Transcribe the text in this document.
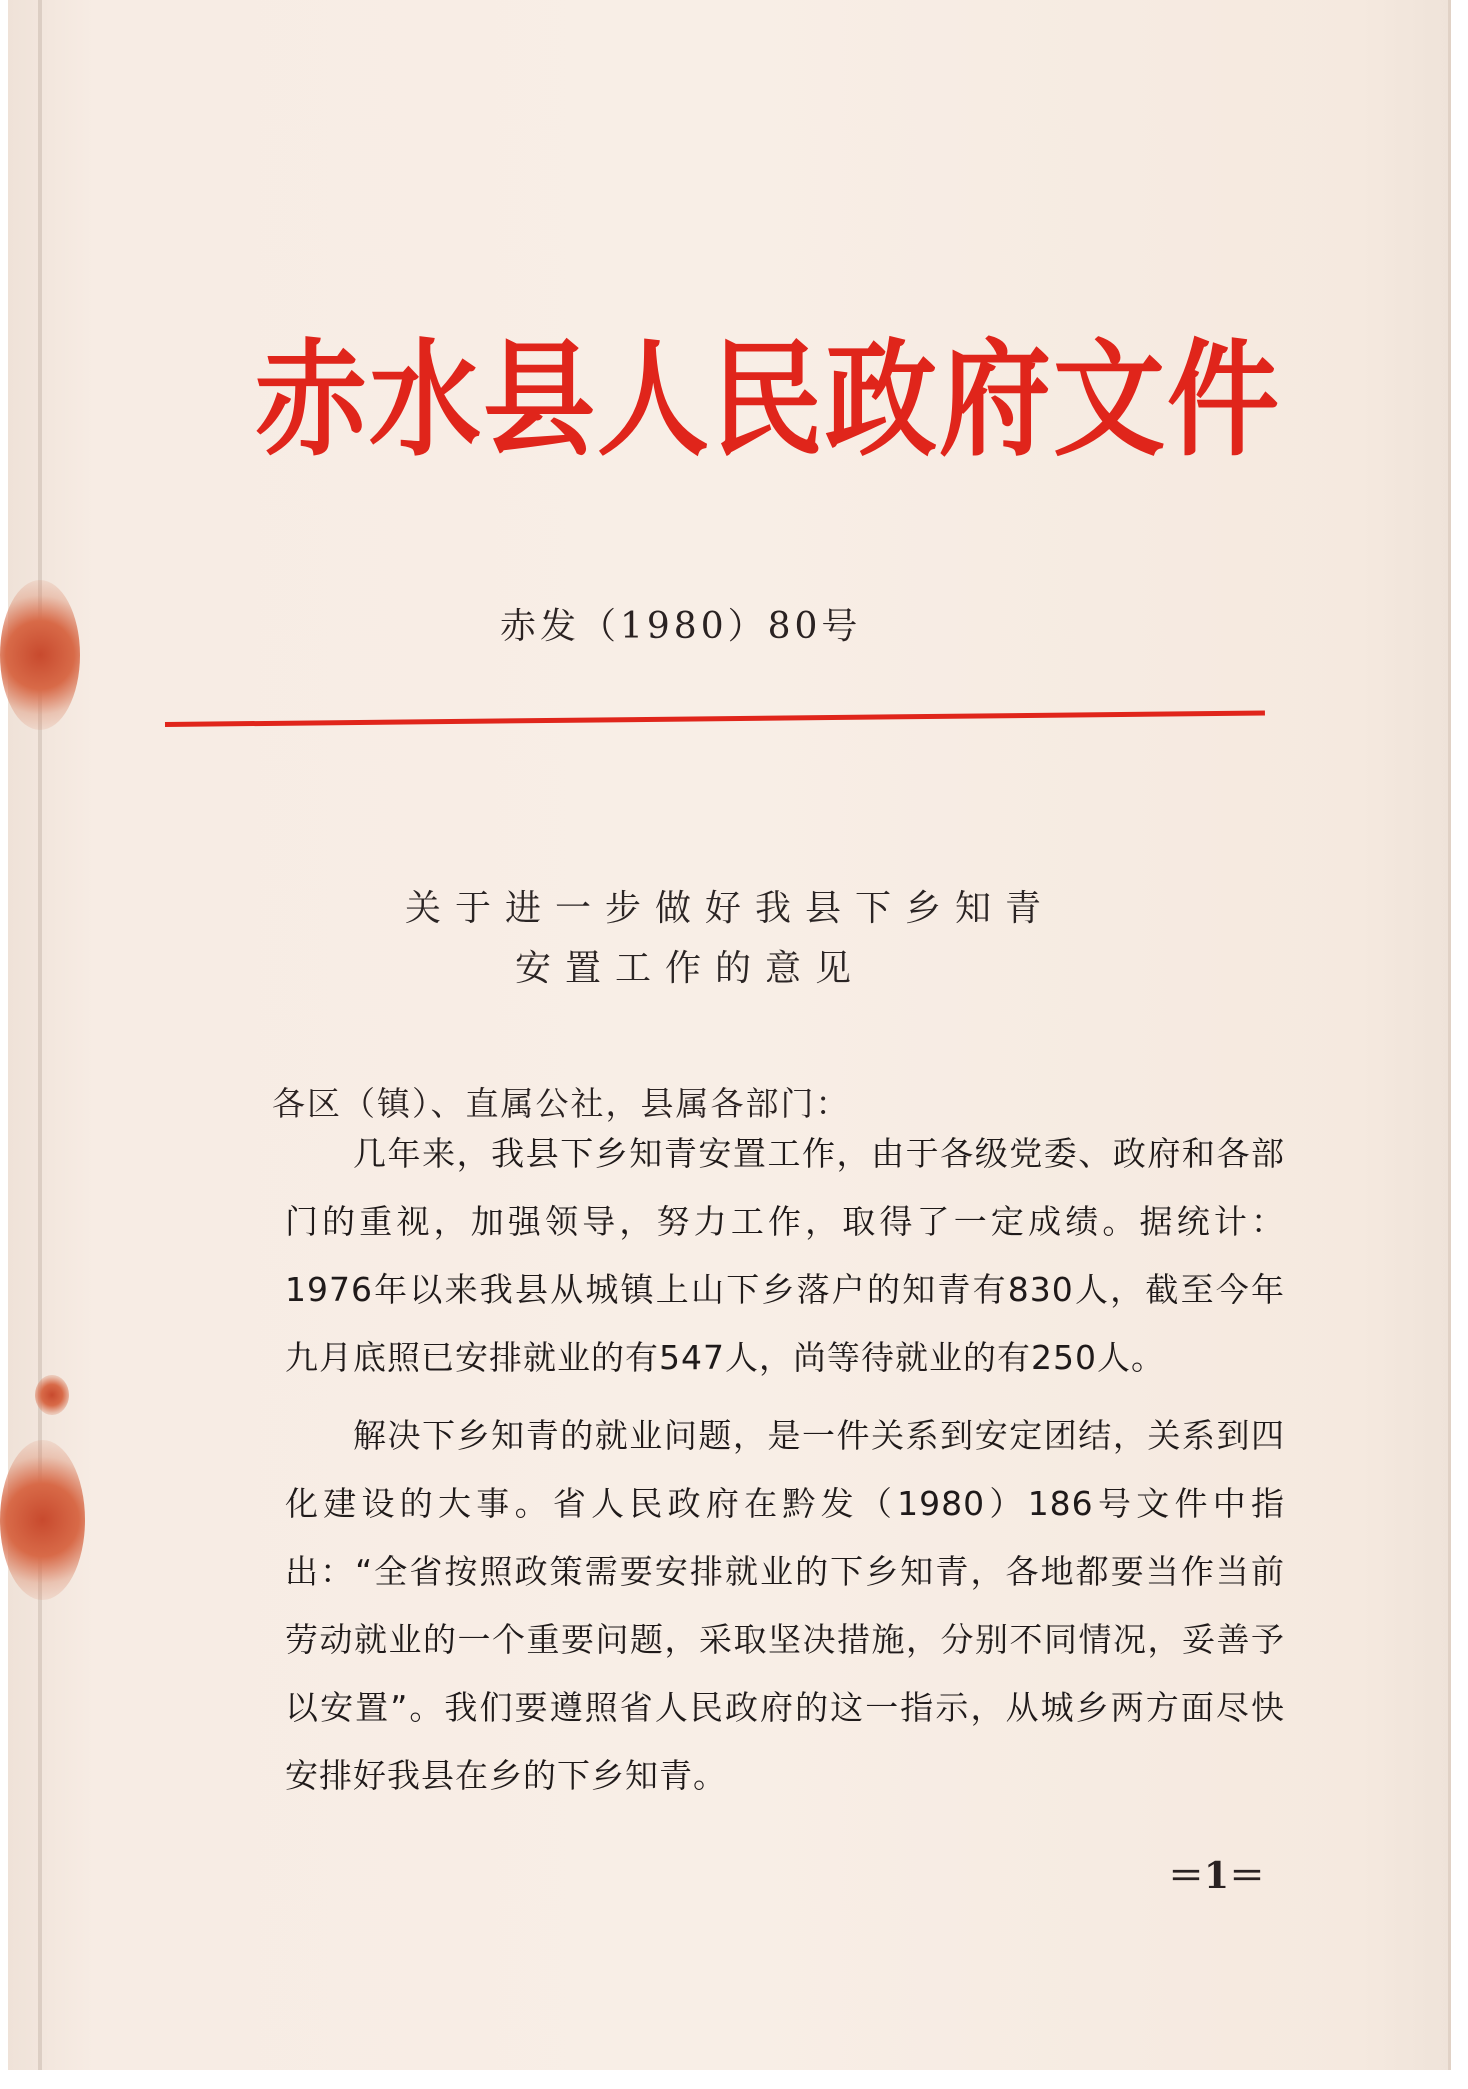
赤水县人民政府文件
赤发（1980）80号
关于进一步做好我县下乡知青
安置工作的意见
各区（镇）、直属公社，县属各部门：

几年来，我县下乡知青安置工作，由于各级党委、政府和各部门的重视，加强领导，努力工作，取得了一定成绩。据统计：1976年以来我县从城镇上山下乡落户的知青有830人，截至今年九月底照已安排就业的有547人，尚等待就业的有250人。

解决下乡知青的就业问题，是一件关系到安定团结，关系到四化建设的大事。省人民政府在黔发（1980）186号文件中指出：“全省按照政策需要安排就业的下乡知青，各地都要当作当前劳动就业的一个重要问题，采取坚决措施，分别不同情况，妥善予以安置”。我们要遵照省人民政府的这一指示，从城乡两方面尽快安排好我县在乡的下乡知青。

＝1＝
